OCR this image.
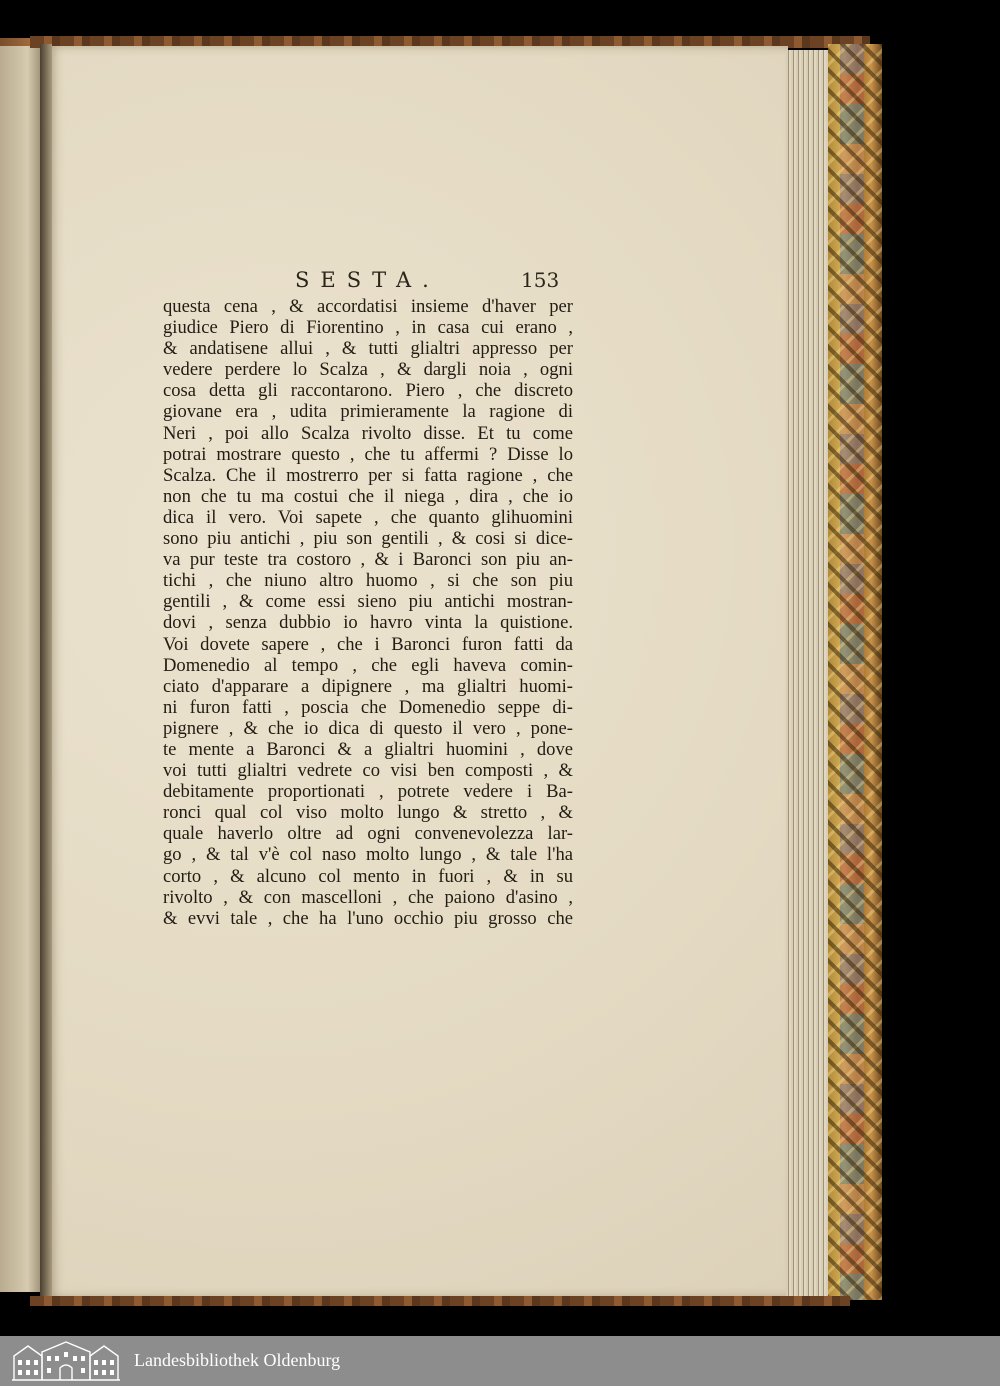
SESTA.	153
questa cena , & accordatisi insieme d'haver per
giudice Piero di Fiorentino , in casa cui erano ,
& andatisene allui , & tutti glialtri appresso per
vedere perdere lo Scalza , & dargli noia , ogni
cosa detta gli raccontarono. Piero , che discreto
giovane era , udita primieramente la ragione di
Neri , poi allo Scalza rivolto disse. Et tu come
potrai mostrare questo , che tu affermi ? Disse lo
Scalza. Che il mostrerro per si fatta ragione , che
non che tu ma costui che il niega , dira , che io
dica il vero. Voi sapete , che quanto glihuomini
sono piu antichi , piu son gentili , & cosi si dice-
va pur teste tra costoro , & i Baronci son piu an-
tichi , che niuno altro huomo , si che son piu
gentili , & come essi sieno piu antichi mostran-
dovi , senza dubbio io havro vinta la quistione.
Voi dovete sapere , che i Baronci furon fatti da
Domenedio al tempo , che egli haveva comin-
ciato d'apparare a dipignere , ma glialtri huomi-
ni furon fatti , poscia che Domenedio seppe di-
pignere , & che io dica di questo il vero , pone-
te mente a Baronci & a glialtri huomini , dove
voi tutti glialtri vedrete co visi ben composti , &
debitamente proportionati , potrete vedere i Ba-
ronci qual col viso molto lungo & stretto , &
quale haverlo oltre ad ogni convenevolezza lar-
go , & tal v'è col naso molto lungo , & tale l'ha
corto , & alcuno col mento in fuori , & in su
rivolto , & con mascelloni , che paiono d'asino ,
& evvi tale , che ha l'uno occhio piu grosso che
Landesbibliothek Oldenburg
